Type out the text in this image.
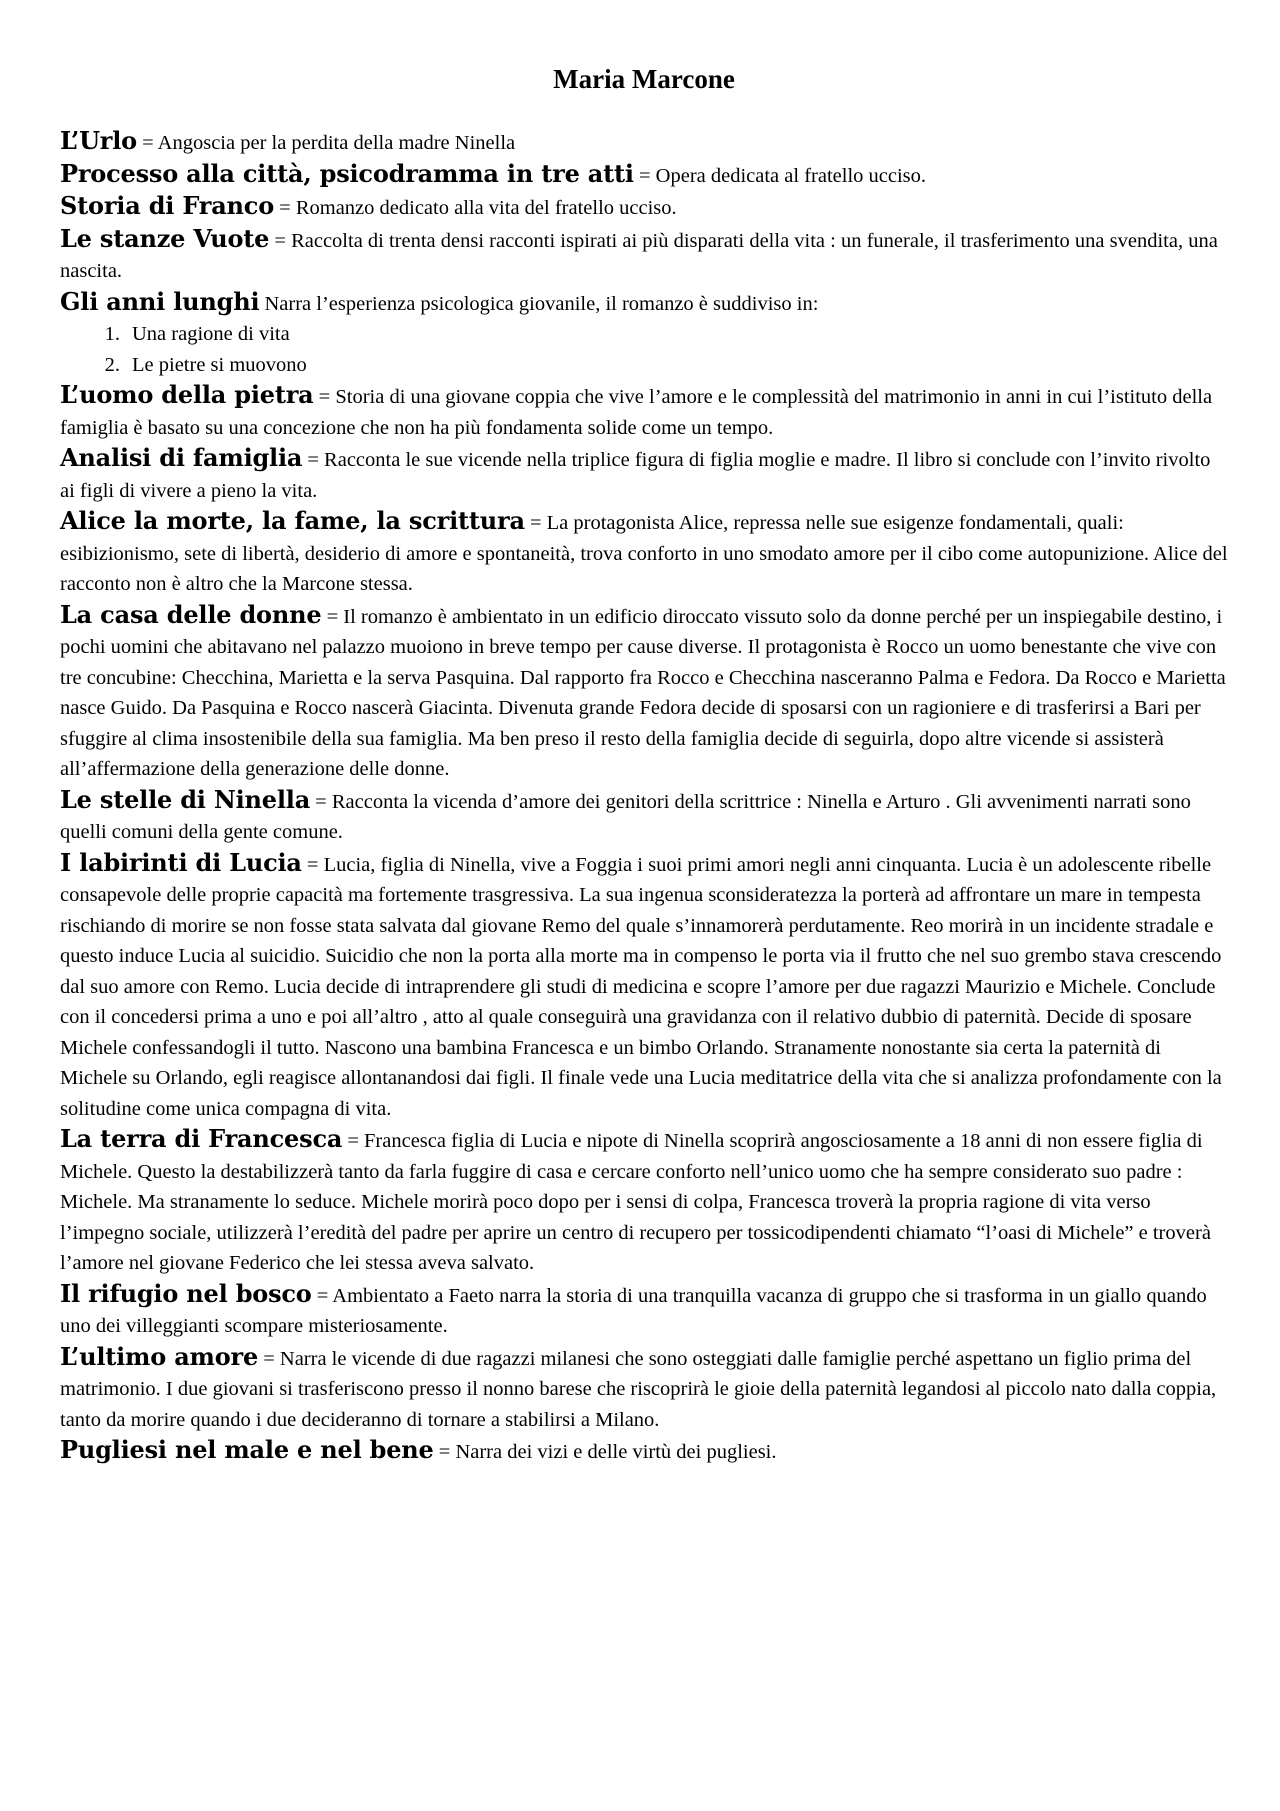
Maria Marcone

L’Urlo = Angoscia per la perdita della madre Ninella

Processo alla città, psicodramma in tre atti = Opera dedicata al fratello ucciso.

Storia di Franco = Romanzo dedicato alla vita del fratello ucciso.

Le stanze Vuote = Raccolta di trenta densi racconti ispirati ai più disparati della vita : un funerale, il trasferimento una svendita, una nascita.

Gli anni lunghi Narra l’esperienza psicologica giovanile, il romanzo è suddiviso in:

1. Una ragione di vita
2. Le pietre si muovono

L’uomo della pietra = Storia di una giovane coppia che vive l’amore e le complessità del matrimonio in anni in cui l’istituto della famiglia è basato su una concezione che non ha più fondamenta solide come un tempo.

Analisi di famiglia = Racconta le sue vicende nella triplice figura di figlia moglie e madre. Il libro si conclude con l’invito rivolto ai figli di vivere a pieno la vita.

Alice la morte, la fame, la scrittura = La protagonista Alice, repressa nelle sue esigenze fondamentali, quali: esibizionismo, sete di libertà, desiderio di amore e spontaneità, trova conforto in uno smodato amore per il cibo come autopunizione. Alice del racconto non è altro che la Marcone stessa.

La casa delle donne = Il romanzo è ambientato in un edificio diroccato vissuto solo da donne perché per un inspiegabile destino, i pochi uomini che abitavano nel palazzo muoiono in breve tempo per cause diverse. Il protagonista è Rocco un uomo benestante che vive con tre concubine: Checchina, Marietta e la serva Pasquina. Dal rapporto fra Rocco e Checchina nasceranno Palma e Fedora. Da Rocco e Marietta nasce Guido. Da Pasquina e Rocco nascerà Giacinta. Divenuta grande Fedora decide di sposarsi con un ragioniere e di trasferirsi a Bari per sfuggire al clima insostenibile della sua famiglia. Ma ben preso il resto della famiglia decide di seguirla, dopo altre vicende si assisterà all’affermazione della generazione delle donne.

Le stelle di Ninella = Racconta la vicenda d’amore dei genitori della scrittrice : Ninella e Arturo . Gli avvenimenti narrati sono quelli comuni della gente comune.

I labirinti di Lucia = Lucia, figlia di Ninella, vive a Foggia i suoi primi amori negli anni cinquanta. Lucia è un adolescente ribelle consapevole delle proprie capacità ma fortemente trasgressiva. La sua ingenua sconsideratezza la porterà ad affrontare un mare in tempesta rischiando di morire se non fosse stata salvata dal giovane Remo del quale s’innamorerà perdutamente. Reo morirà in un incidente stradale e questo induce Lucia al suicidio. Suicidio che non la porta alla morte ma in compenso le porta via il frutto che nel suo grembo stava crescendo dal suo amore con Remo. Lucia decide di intraprendere gli studi di medicina e scopre l’amore per due ragazzi Maurizio e Michele. Conclude con il concedersi prima a uno e poi all’altro , atto al quale conseguirà una gravidanza con il relativo dubbio di paternità. Decide di sposare Michele confessandogli il tutto. Nascono una bambina Francesca e un bimbo Orlando. Stranamente nonostante sia certa la paternità di Michele su Orlando, egli reagisce allontanandosi dai figli. Il finale vede una Lucia meditatrice della vita che si analizza profondamente con la solitudine come unica compagna di vita.

La terra di Francesca = Francesca figlia di Lucia e nipote di Ninella scoprirà angosciosamente a 18 anni di non essere figlia di Michele. Questo la destabilizzerà tanto da farla fuggire di casa e cercare conforto nell’unico uomo che ha sempre considerato suo padre : Michele. Ma stranamente lo seduce. Michele morirà poco dopo per i sensi di colpa, Francesca troverà la propria ragione di vita verso l’impegno sociale, utilizzerà l’eredità del padre per aprire un centro di recupero per tossicodipendenti chiamato “l’oasi di Michele” e troverà l’amore nel giovane Federico che lei stessa aveva salvato.

Il rifugio nel bosco = Ambientato a Faeto narra la storia di una tranquilla vacanza di gruppo che si trasforma in un giallo quando uno dei villeggianti scompare misteriosamente.

L’ultimo amore = Narra le vicende di due ragazzi milanesi che sono osteggiati dalle famiglie perché aspettano un figlio prima del matrimonio. I due giovani si trasferiscono presso il nonno barese che riscoprirà le gioie della paternità legandosi al piccolo nato dalla coppia, tanto da morire quando i due decideranno di tornare a stabilirsi a Milano.

Pugliesi nel male e nel bene = Narra dei vizi e delle virtù dei pugliesi.
